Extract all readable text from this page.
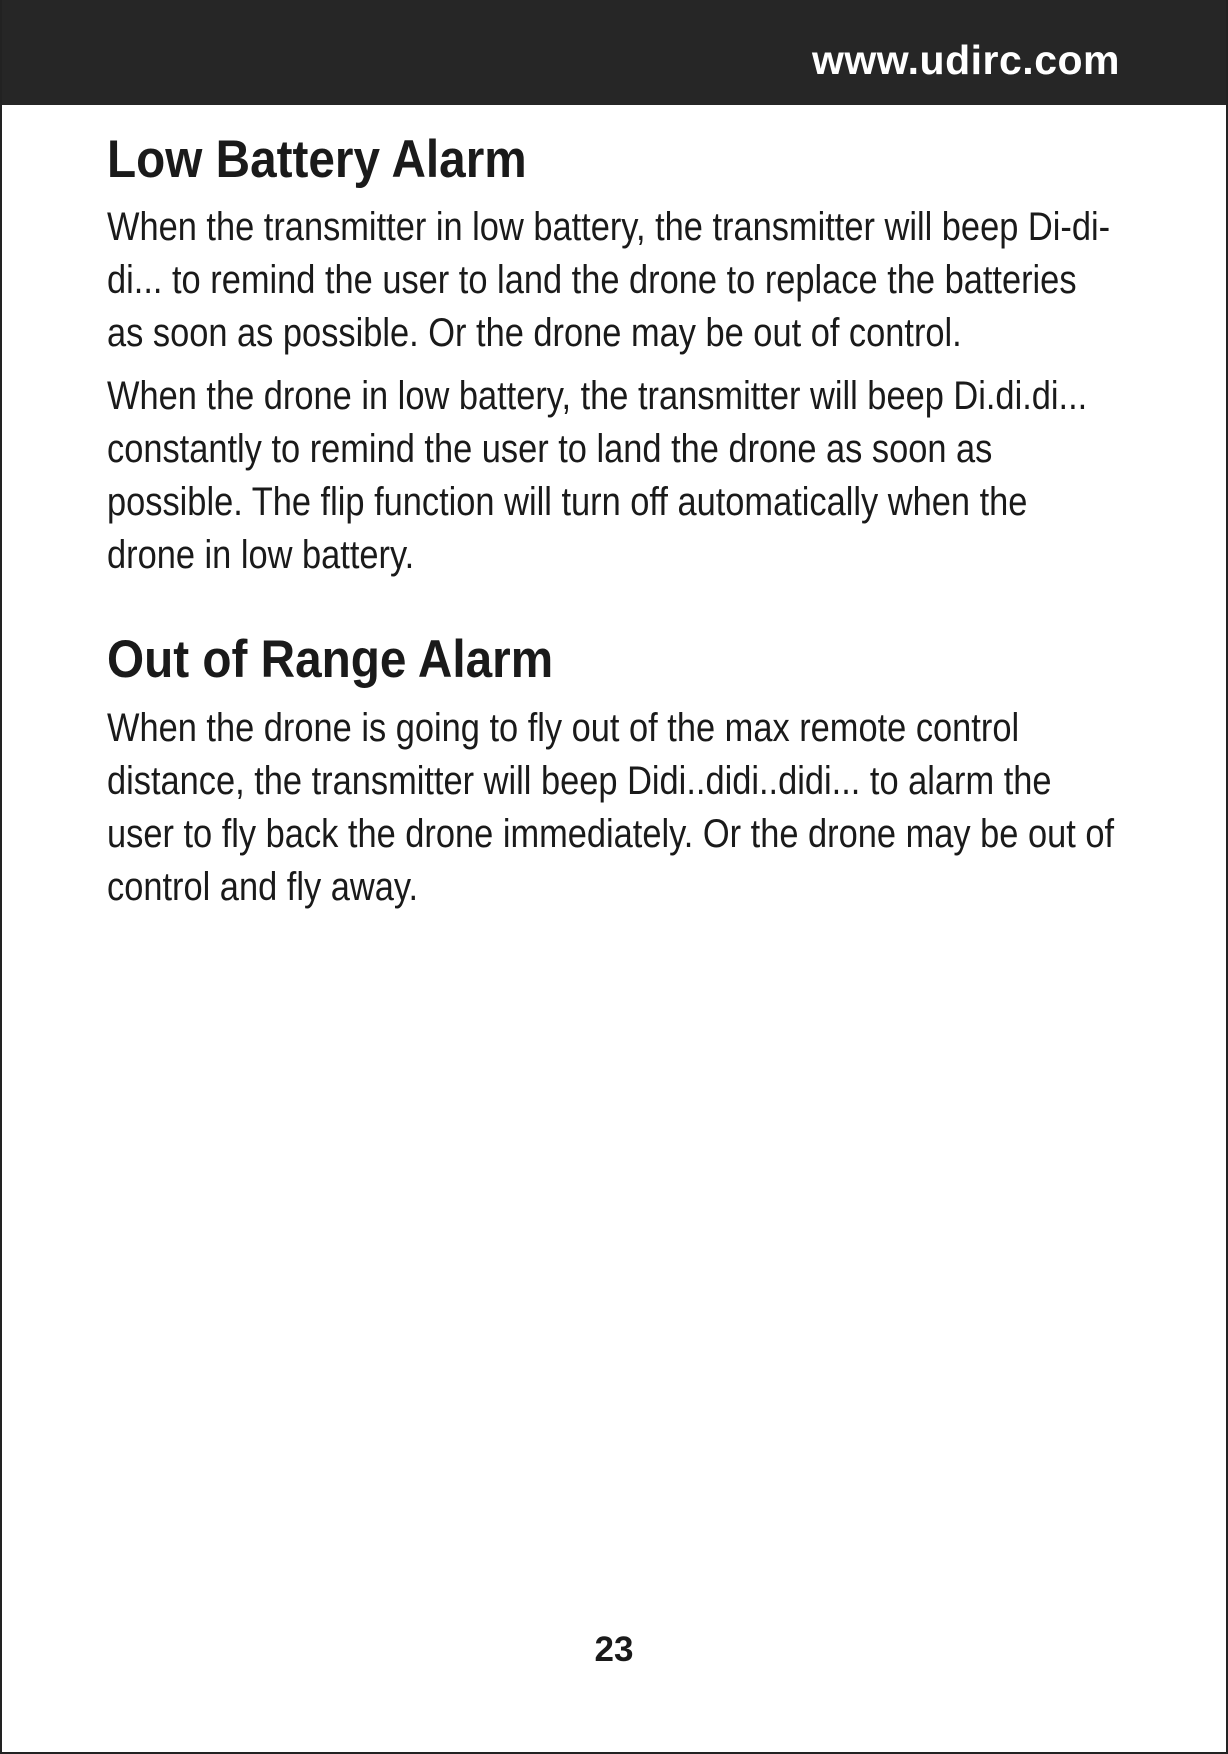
www.udirc.com
Low Battery Alarm

When the transmitter in low battery, the transmitter will beep Di-di-di... to remind the user to land the drone to replace the batteries as soon as possible. Or the drone may be out of control.

When the drone in low battery, the transmitter will beep Di.di.di... constantly to remind the user to land the drone as soon as possible. The flip function will turn off automatically when the drone in low battery.

Out of Range Alarm

When the drone is going to fly out of the max remote control distance, the transmitter will beep Didi..didi..didi... to alarm the user to fly back the drone immediately. Or the drone may be out of control and fly away.

23
